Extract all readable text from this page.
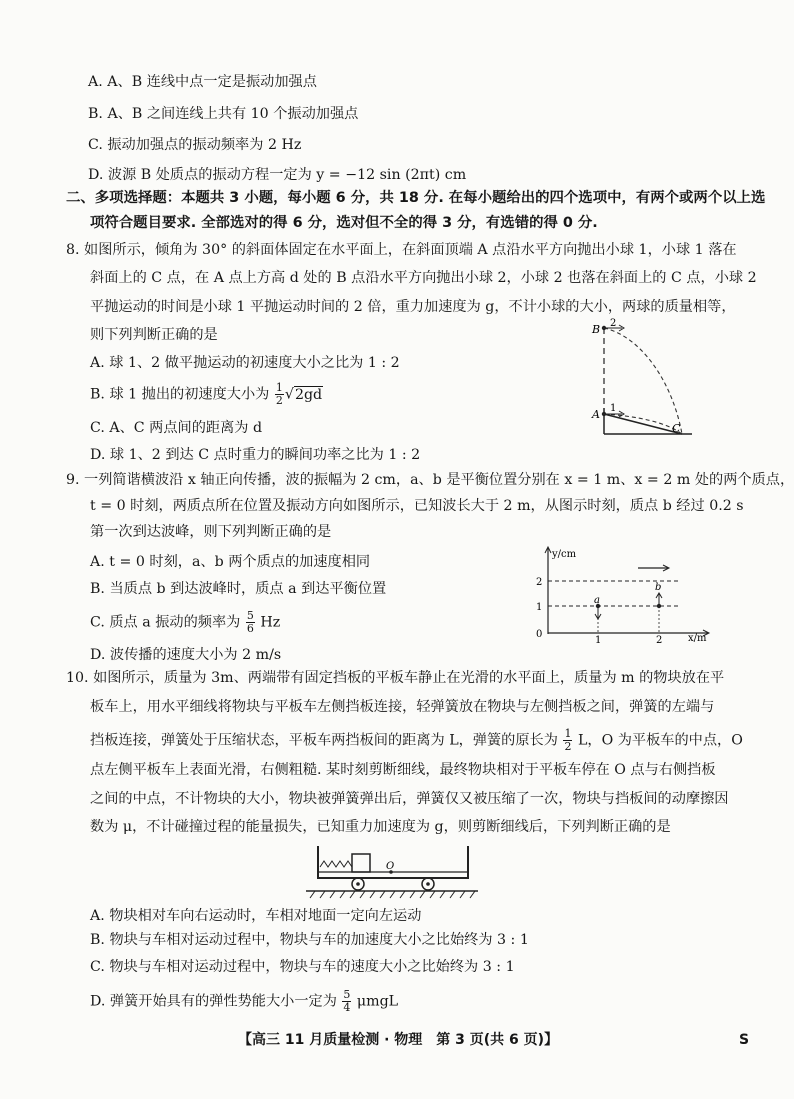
A. A、B 连线中点一定是振动加强点
B. A、B 之间连线上共有 10 个振动加强点
C. 振动加强点的振动频率为 2 Hz
D. 波源 B 处质点的振动方程一定为 y = −12 sin (2πt) cm
二、多项选择题：本题共 3 小题，每小题 6 分，共 18 分. 在每小题给出的四个选项中，有两个或两个以上选
项符合题目要求. 全部选对的得 6 分，选对但不全的得 3 分，有选错的得 0 分.
8. 如图所示，倾角为 30° 的斜面体固定在水平面上，在斜面顶端 A 点沿水平方向抛出小球 1，小球 1 落在
斜面上的 C 点，在 A 点上方高 d 处的 B 点沿水平方向抛出小球 2，小球 2 也落在斜面上的 C 点，小球 2
平抛运动的时间是小球 1 平抛运动时间的 2 倍，重力加速度为 g，不计小球的大小，两球的质量相等，
则下列判断正确的是
A. 球 1、2 做平抛运动的初速度大小之比为 1 : 2
B. 球 1 抛出的初速度大小为 $\frac{1}{2} √2gd$
C. A、C 两点间的距离为 d
D. 球 1、2 到达 C 点时重力的瞬间功率之比为 1 : 2
B 2
A 1
C
9. 一列简谐横波沿 x 轴正向传播，波的振幅为 2 cm，a、b 是平衡位置分别在 x = 1 m、x = 2 m 处的两个质点，
t = 0 时刻，两质点所在位置及振动方向如图所示，已知波长大于 2 m，从图示时刻，质点 b 经过 0.2 s
第一次到达波峰，则下列判断正确的是
A. t = 0 时刻，a、b 两个质点的加速度相同
B. 当质点 b 到达波峰时，质点 a 到达平衡位置
C. 质点 a 振动的频率为 $\frac{5}{6}$ Hz
D. 波传播的速度大小为 2 m/s
y/cm
x/m
2
1
0
1	2
a
b
10. 如图所示，质量为 3m、两端带有固定挡板的平板车静止在光滑的水平面上，质量为 m 的物块放在平
板车上，用水平细线将物块与平板车左侧挡板连接，轻弹簧放在物块与左侧挡板之间，弹簧的左端与
挡板连接，弹簧处于压缩状态，平板车两挡板间的距离为 L，弹簧的原长为 $\frac{1}{2}$ L，O 为平板车的中点，O
点左侧平板车上表面光滑，右侧粗糙. 某时刻剪断细线，最终物块相对于平板车停在 O 点与右侧挡板
之间的中点，不计物块的大小，物块被弹簧弹出后，弹簧仅又被压缩了一次，物块与挡板间的动摩擦因
数为 μ，不计碰撞过程的能量损失，已知重力加速度为 g，则剪断细线后，下列判断正确的是
O
A. 物块相对车向右运动时，车相对地面一定向左运动
B. 物块与车相对运动过程中，物块与车的加速度大小之比始终为 3 : 1
C. 物块与车相对运动过程中，物块与车的速度大小之比始终为 3 : 1
D. 弹簧开始具有的弹性势能大小一定为 $\frac{5}{4}$ μmgL
【高三 11 月质量检测 · 物理　第 3 页(共 6 页)】	S
